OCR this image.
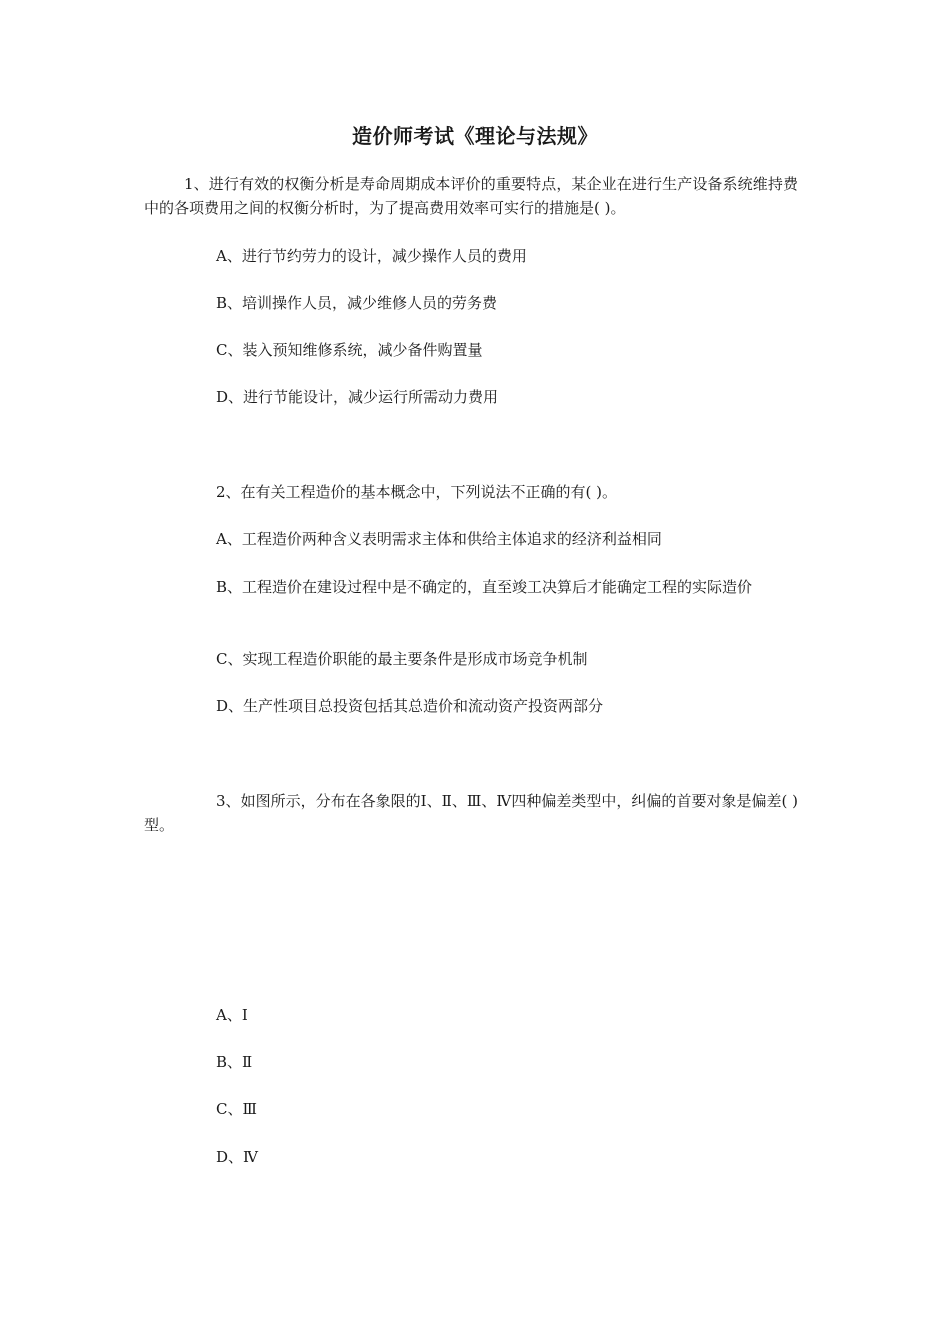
造价师考试《理论与法规》
1、进行有效的权衡分析是寿命周期成本评价的重要特点，某企业在进行生产设备系统维持费中的各项费用之间的权衡分析时，为了提高费用效率可实行的措施是( )。
A、进行节约劳力的设计，减少操作人员的费用
B、培训操作人员，减少维修人员的劳务费
C、装入预知维修系统，减少备件购置量
D、进行节能设计，减少运行所需动力费用
2、在有关工程造价的基本概念中，下列说法不正确的有( )。
A、工程造价两种含义表明需求主体和供给主体追求的经济利益相同
B、工程造价在建设过程中是不确定的，直至竣工决算后才能确定工程的实际造价
C、实现工程造价职能的最主要条件是形成市场竞争机制
D、生产性项目总投资包括其总造价和流动资产投资两部分
3、如图所示，分布在各象限的Ⅰ、Ⅱ、Ⅲ、Ⅳ四种偏差类型中，纠偏的首要对象是偏差( )型。
A、Ⅰ
B、Ⅱ
C、Ⅲ
D、Ⅳ
